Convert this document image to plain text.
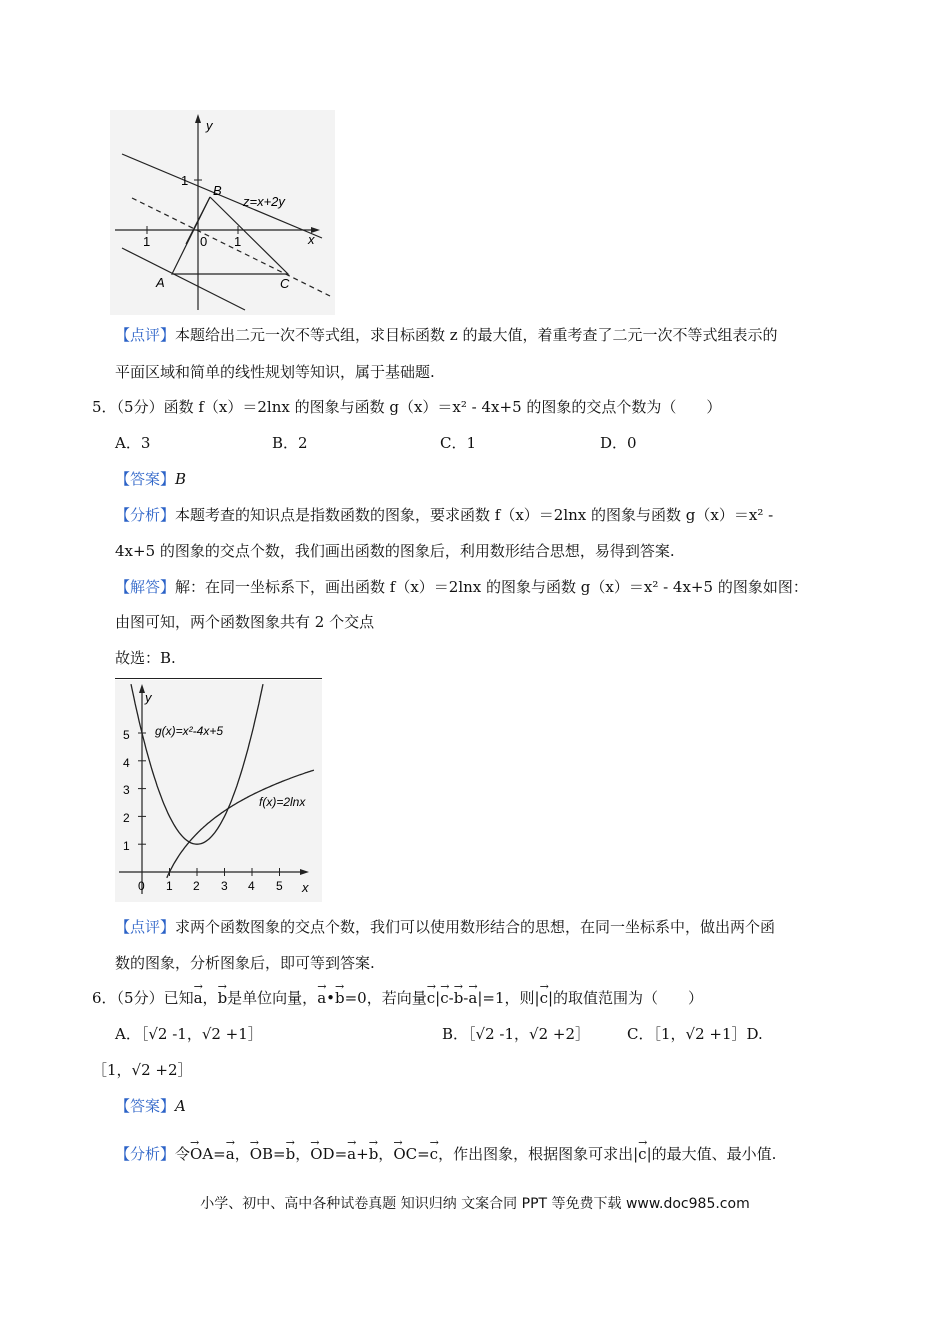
y
x
1
B
z=x+2y
1	0 1
A	C
【点评】本题给出二元一次不等式组，求目标函数 z 的最大值，着重考查了二元一次不等式组表示的
平面区域和简单的线性规划等知识，属于基础题.
5．（5分）函数 f（x）＝2lnx 的图象与函数 g（x）＝x² - 4x+5 的图象的交点个数为（　　）
A．3	B．2	C．1	D．0
【答案】B
【分析】本题考查的知识点是指数函数的图象，要求函数 f（x）＝2lnx 的图象与函数 g（x）＝x² -
4x+5 的图象的交点个数，我们画出函数的图象后，利用数形结合思想，易得到答案.
【解答】解：在同一坐标系下，画出函数 f（x）＝2lnx 的图象与函数 g（x）＝x² - 4x+5 的图象如图：
由图可知，两个函数图象共有 2 个交点
故选：B.
y
x
g(x)=x²-4x+5
f(x)=2lnx
5
4
3
2
1
0 1 2 3 4 5
【点评】求两个函数图象的交点个数，我们可以使用数形结合的思想，在同一坐标系中，做出两个函
数的图象，分析图象后，即可等到答案.
6．（5分）已知→ a，→ b是单位向量，→ a•→ b=0，若向量→ c|→ c-→ b-→ a|=1，则|→ c|的取值范围为（　　）
A．［√2 -1，√2 +1］	B．［√2 -1，√2 +2］ C．［1，√2 +1］D.
［1，√2 +2］
【答案】A
【分析】令→ OA=→ a，→ OB=→ b，→ OD=→ a+→ b，→ OC=→ c，作出图象，根据图象可求出|→ c|的最大值、最小值.
小学、初中、高中各种试卷真题 知识归纳 文案合同 PPT 等免费下载 www.doc985.com
